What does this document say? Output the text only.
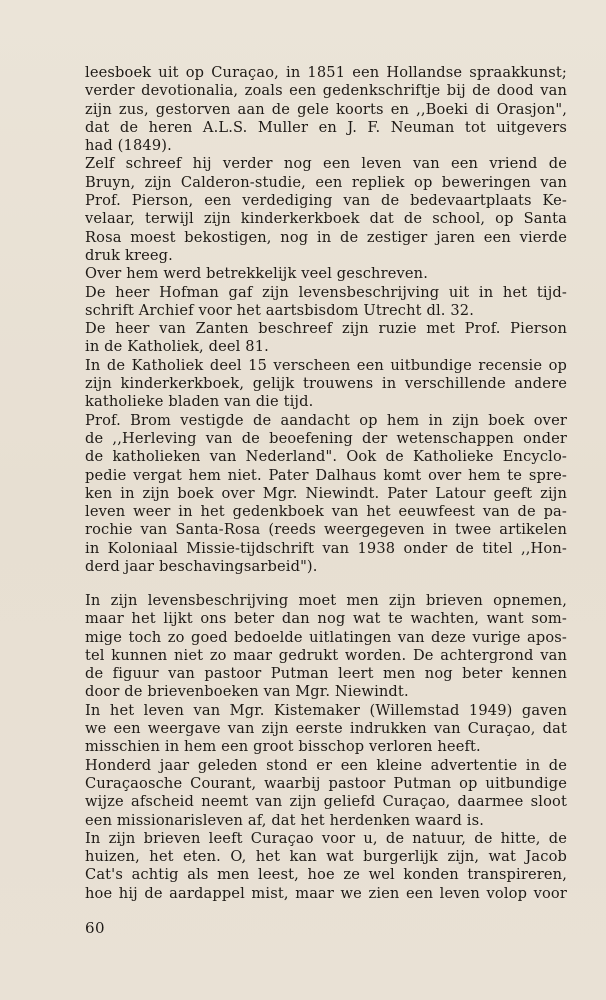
leesboek uit op Curaçao, in 1851 een Hollandse spraakkunst;
verder devotionalia, zoals een gedenkschriftje bij de dood van
zijn zus, gestorven aan de gele koorts en ,,Boeki di Orasjon",
dat de heren A.L.S. Muller en J. F. Neuman tot uitgevers
had (1849).
Zelf schreef hij verder nog een leven van een vriend de
Bruyn, zijn Calderon-studie, een repliek op beweringen van
Prof. Pierson, een verdediging van de bedevaartplaats Ke-
velaar, terwijl zijn kinderkerkboek dat de school, op Santa
Rosa moest bekostigen, nog in de zestiger jaren een vierde
druk kreeg.
Over hem werd betrekkelijk veel geschreven.
De heer Hofman gaf zijn levensbeschrijving uit in het tijd-
schrift Archief voor het aartsbisdom Utrecht dl. 32.
De heer van Zanten beschreef zijn ruzie met Prof. Pierson
in de Katholiek, deel 81.
In de Katholiek deel 15 verscheen een uitbundige recensie op
zijn kinderkerkboek, gelijk trouwens in verschillende andere
katholieke bladen van die tijd.
Prof. Brom vestigde de aandacht op hem in zijn boek over
de ,,Herleving van de beoefening der wetenschappen onder
de katholieken van Nederland". Ook de Katholieke Encyclo-
pedie vergat hem niet. Pater Dalhaus komt over hem te spre-
ken in zijn boek over Mgr. Niewindt. Pater Latour geeft zijn
leven weer in het gedenkboek van het eeuwfeest van de pa-
rochie van Santa-Rosa (reeds weergegeven in twee artikelen
in Koloniaal Missie-tijdschrift van 1938 onder de titel ,,Hon-
derd jaar beschavingsarbeid").
In zijn levensbeschrijving moet men zijn brieven opnemen,
maar het lijkt ons beter dan nog wat te wachten, want som-
mige toch zo goed bedoelde uitlatingen van deze vurige apos-
tel kunnen niet zo maar gedrukt worden. De achtergrond van
de figuur van pastoor Putman leert men nog beter kennen
door de brievenboeken van Mgr. Niewindt.
In het leven van Mgr. Kistemaker (Willemstad 1949) gaven
we een weergave van zijn eerste indrukken van Curaçao, dat
misschien in hem een groot bisschop verloren heeft.
Honderd jaar geleden stond er een kleine advertentie in de
Curaçaosche Courant, waarbij pastoor Putman op uitbundige
wijze afscheid neemt van zijn geliefd Curaçao, daarmee sloot
een missionarisleven af, dat het herdenken waard is.
In zijn brieven leeft Curaçao voor u, de natuur, de hitte, de
huizen, het eten. O, het kan wat burgerlijk zijn, wat Jacob
Cat's achtig als men leest, hoe ze wel konden transpireren,
hoe hij de aardappel mist, maar we zien een leven volop voor
60
